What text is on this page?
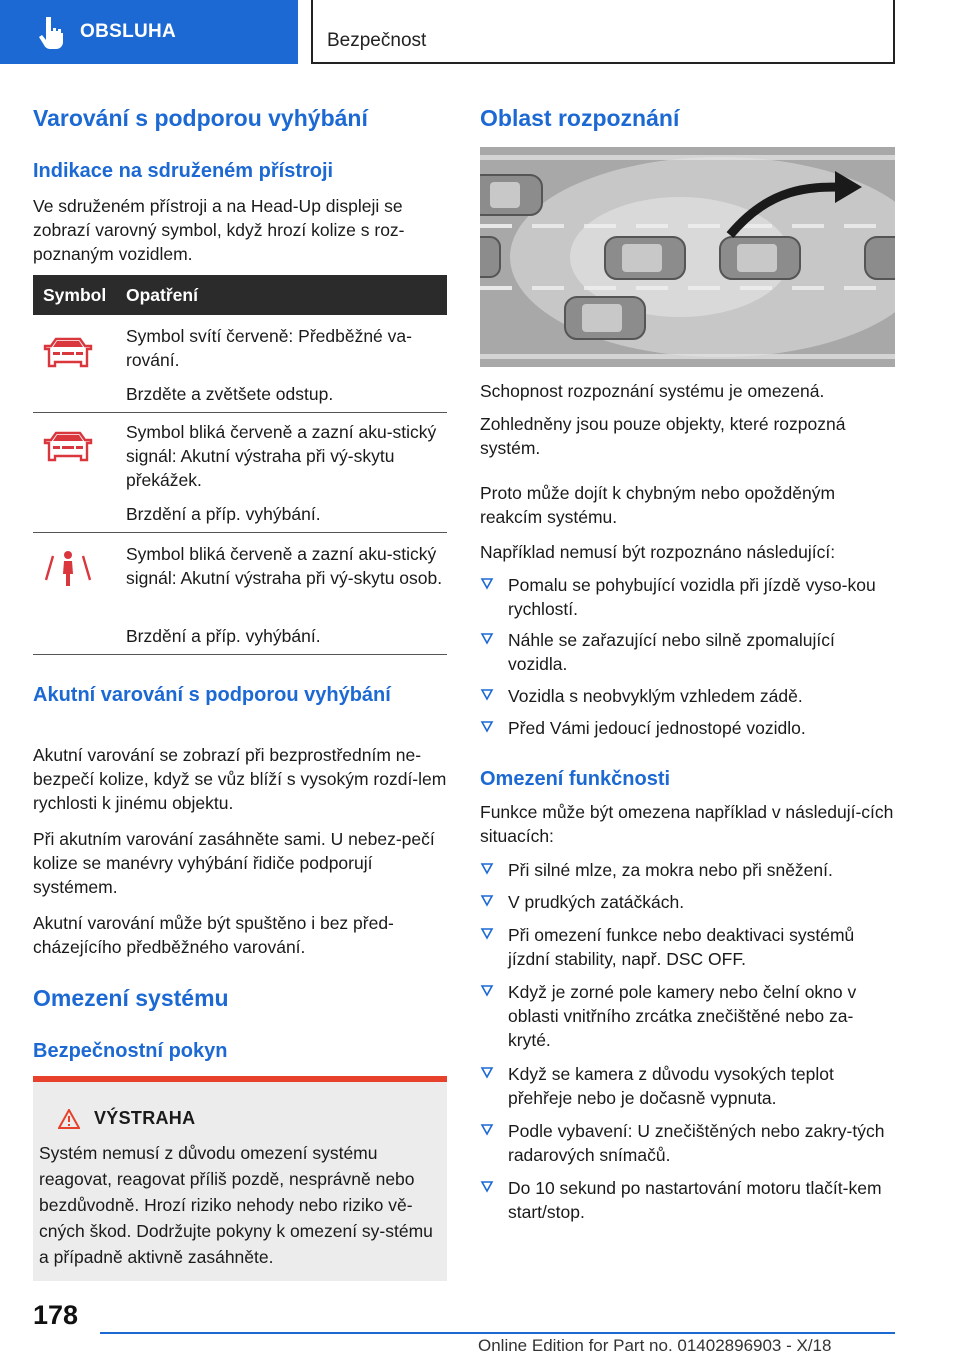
OBSLUHA	Bezpečnost
Varování s podporou vyhýbání
Indikace na sdruženém přístroji
Ve sdruženém přístroji a na Head-Up displeji se zobrazí varovný symbol, když hrozí kolize s roz-poznaným vozidlem.
Symbol Opatření
Symbol svítí červeně: Předběžné va-rování.
Brzděte a zvětšete odstup.
Symbol bliká červeně a zazní aku-stický signál: Akutní výstraha při vý-skytu překážek.
Brzdění a příp. vyhýbání.
Symbol bliká červeně a zazní aku-stický signál: Akutní výstraha při vý-skytu osob.
Brzdění a příp. vyhýbání.
Akutní varování s podporou vyhýbání
Akutní varování se zobrazí při bezprostředním ne-bezpečí kolize, když se vůz blíží s vysokým rozdí-lem rychlosti k jinému objektu.
Při akutním varování zasáhněte sami. U nebez-pečí kolize se manévry vyhýbání řidiče podporují systémem.
Akutní varování může být spuštěno i bez před-cházejícího předběžného varování.
Omezení systému
Bezpečnostní pokyn
VÝSTRAHA
Systém nemusí z důvodu omezení systému reagovat, reagovat příliš pozdě, nesprávně nebo bezdůvodně. Hrozí riziko nehody nebo riziko vě-cných škod. Dodržujte pokyny k omezení sy-stému a případně aktivně zasáhněte.
Oblast rozpoznání
Schopnost rozpoznání systému je omezená.
Zohledněny jsou pouze objekty, které rozpozná systém.
Proto může dojít k chybným nebo opožděným reakcím systému.
Například nemusí být rozpoznáno následující:
Pomalu se pohybující vozidla při jízdě vyso-kou rychlostí.
Náhle se zařazující nebo silně zpomalující vozidla.
Vozidla s neobvyklým vzhledem zádě.
Před Vámi jedoucí jednostopé vozidlo.
Omezení funkčnosti
Funkce může být omezena například v následují-cích situacích:
Při silné mlze, za mokra nebo při sněžení.
V prudkých zatáčkách.
Při omezení funkce nebo deaktivaci systémů jízdní stability, např. DSC OFF.
Když je zorné pole kamery nebo čelní okno v oblasti vnitřního zrcátka znečištěné nebo za-kryté.
Když se kamera z důvodu vysokých teplot přehřeje nebo je dočasně vypnuta.
Podle vybavení: U znečištěných nebo zakry-tých radarových snímačů.
Do 10 sekund po nastartování motoru tlačít-kem start/stop.
178
Online Edition for Part no. 01402896903 - X/18
